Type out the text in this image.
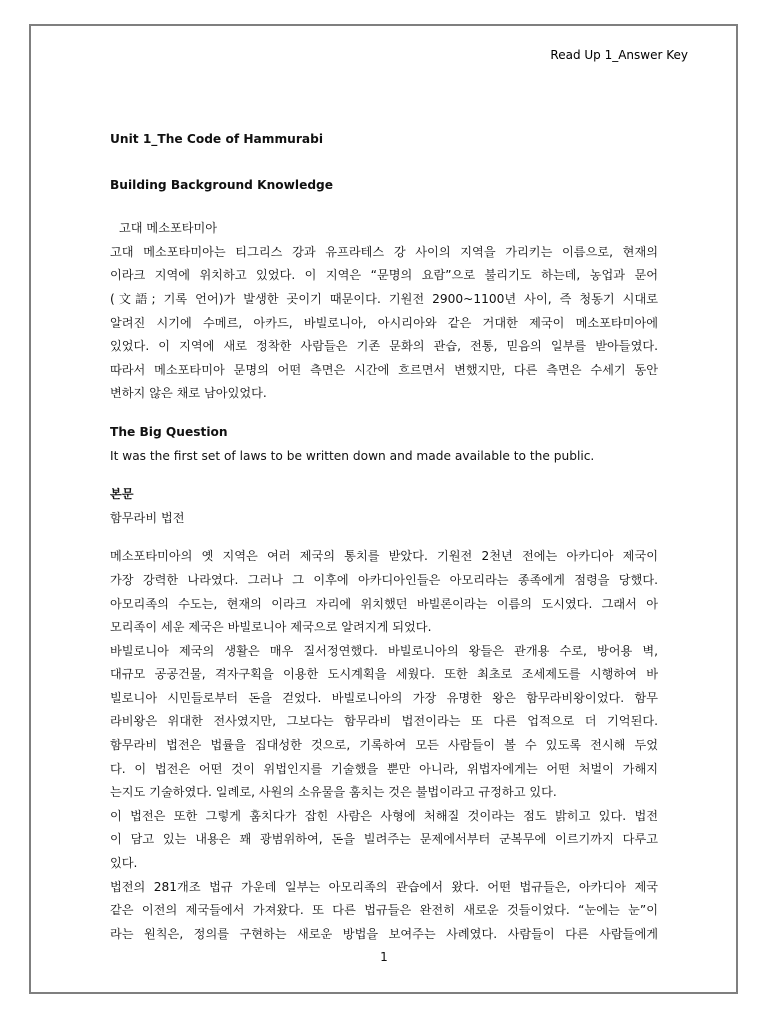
Read Up 1_Answer Key
Unit 1_The Code of Hammurabi
Building Background Knowledge
고대 메소포타미아
고대 메소포타미아는 티그리스 강과 유프라테스 강 사이의 지역을 가리키는 이름으로, 현재의
이라크 지역에 위치하고 있었다. 이 지역은 “문명의 요람”으로 불리기도 하는데, 농업과 문어
(文語; 기록 언어)가 발생한 곳이기 때문이다. 기원전 2900~1100년 사이, 즉 청동기 시대로
알려진 시기에 수메르, 아카드, 바빌로니아, 아시리아와 같은 거대한 제국이 메소포타미아에
있었다. 이 지역에 새로 정착한 사람들은 기존 문화의 관습, 전통, 믿음의 일부를 받아들였다.
따라서 메소포타미아 문명의 어떤 측면은 시간에 흐르면서 변했지만, 다른 측면은 수세기 동안
변하지 않은 채로 남아있었다.
The Big Question
It was the first set of laws to be written down and made available to the public.
본문
함무라비 법전
메소포타미아의 옛 지역은 여러 제국의 통치를 받았다. 기원전 2천년 전에는 아카디아 제국이
가장 강력한 나라였다. 그러나 그 이후에 아카디아인들은 아모리라는 종족에게 점령을 당했다.
아모리족의 수도는, 현재의 이라크 자리에 위치했던 바빌론이라는 이름의 도시였다. 그래서 아
모리족이 세운 제국은 바빌로니아 제국으로 알려지게 되었다.
바빌로니아 제국의 생활은 매우 질서정연했다. 바빌로니아의 왕들은 관개용 수로, 방어용 벽,
대규모 공공건물, 격자구획을 이용한 도시계획을 세웠다. 또한 최초로 조세제도를 시행하여 바
빌로니아 시민들로부터 돈을 걷었다. 바빌로니아의 가장 유명한 왕은 함무라비왕이었다. 함무
라비왕은 위대한 전사였지만, 그보다는 함무라비 법전이라는 또 다른 업적으로 더 기억된다.
함무라비 법전은 법률을 집대성한 것으로, 기록하여 모든 사람들이 볼 수 있도록 전시해 두었
다. 이 법전은 어떤 것이 위법인지를 기술했을 뿐만 아니라, 위법자에게는 어떤 처벌이 가해지
는지도 기술하였다. 일례로, 사원의 소유물을 훔치는 것은 불법이라고 규정하고 있다.
이 법전은 또한 그렇게 훔치다가 잡힌 사람은 사형에 처해질 것이라는 점도 밝히고 있다. 법전
이 담고 있는 내용은 꽤 광범위하여, 돈을 빌려주는 문제에서부터 군복무에 이르기까지 다루고
있다.
법전의 281개조 법규 가운데 일부는 아모리족의 관습에서 왔다. 어떤 법규들은, 아카디아 제국
같은 이전의 제국들에서 가져왔다. 또 다른 법규들은 완전히 새로운 것들이었다. “눈에는 눈”이
라는 원칙은, 정의를 구현하는 새로운 방법을 보여주는 사례였다. 사람들이 다른 사람들에게
1
